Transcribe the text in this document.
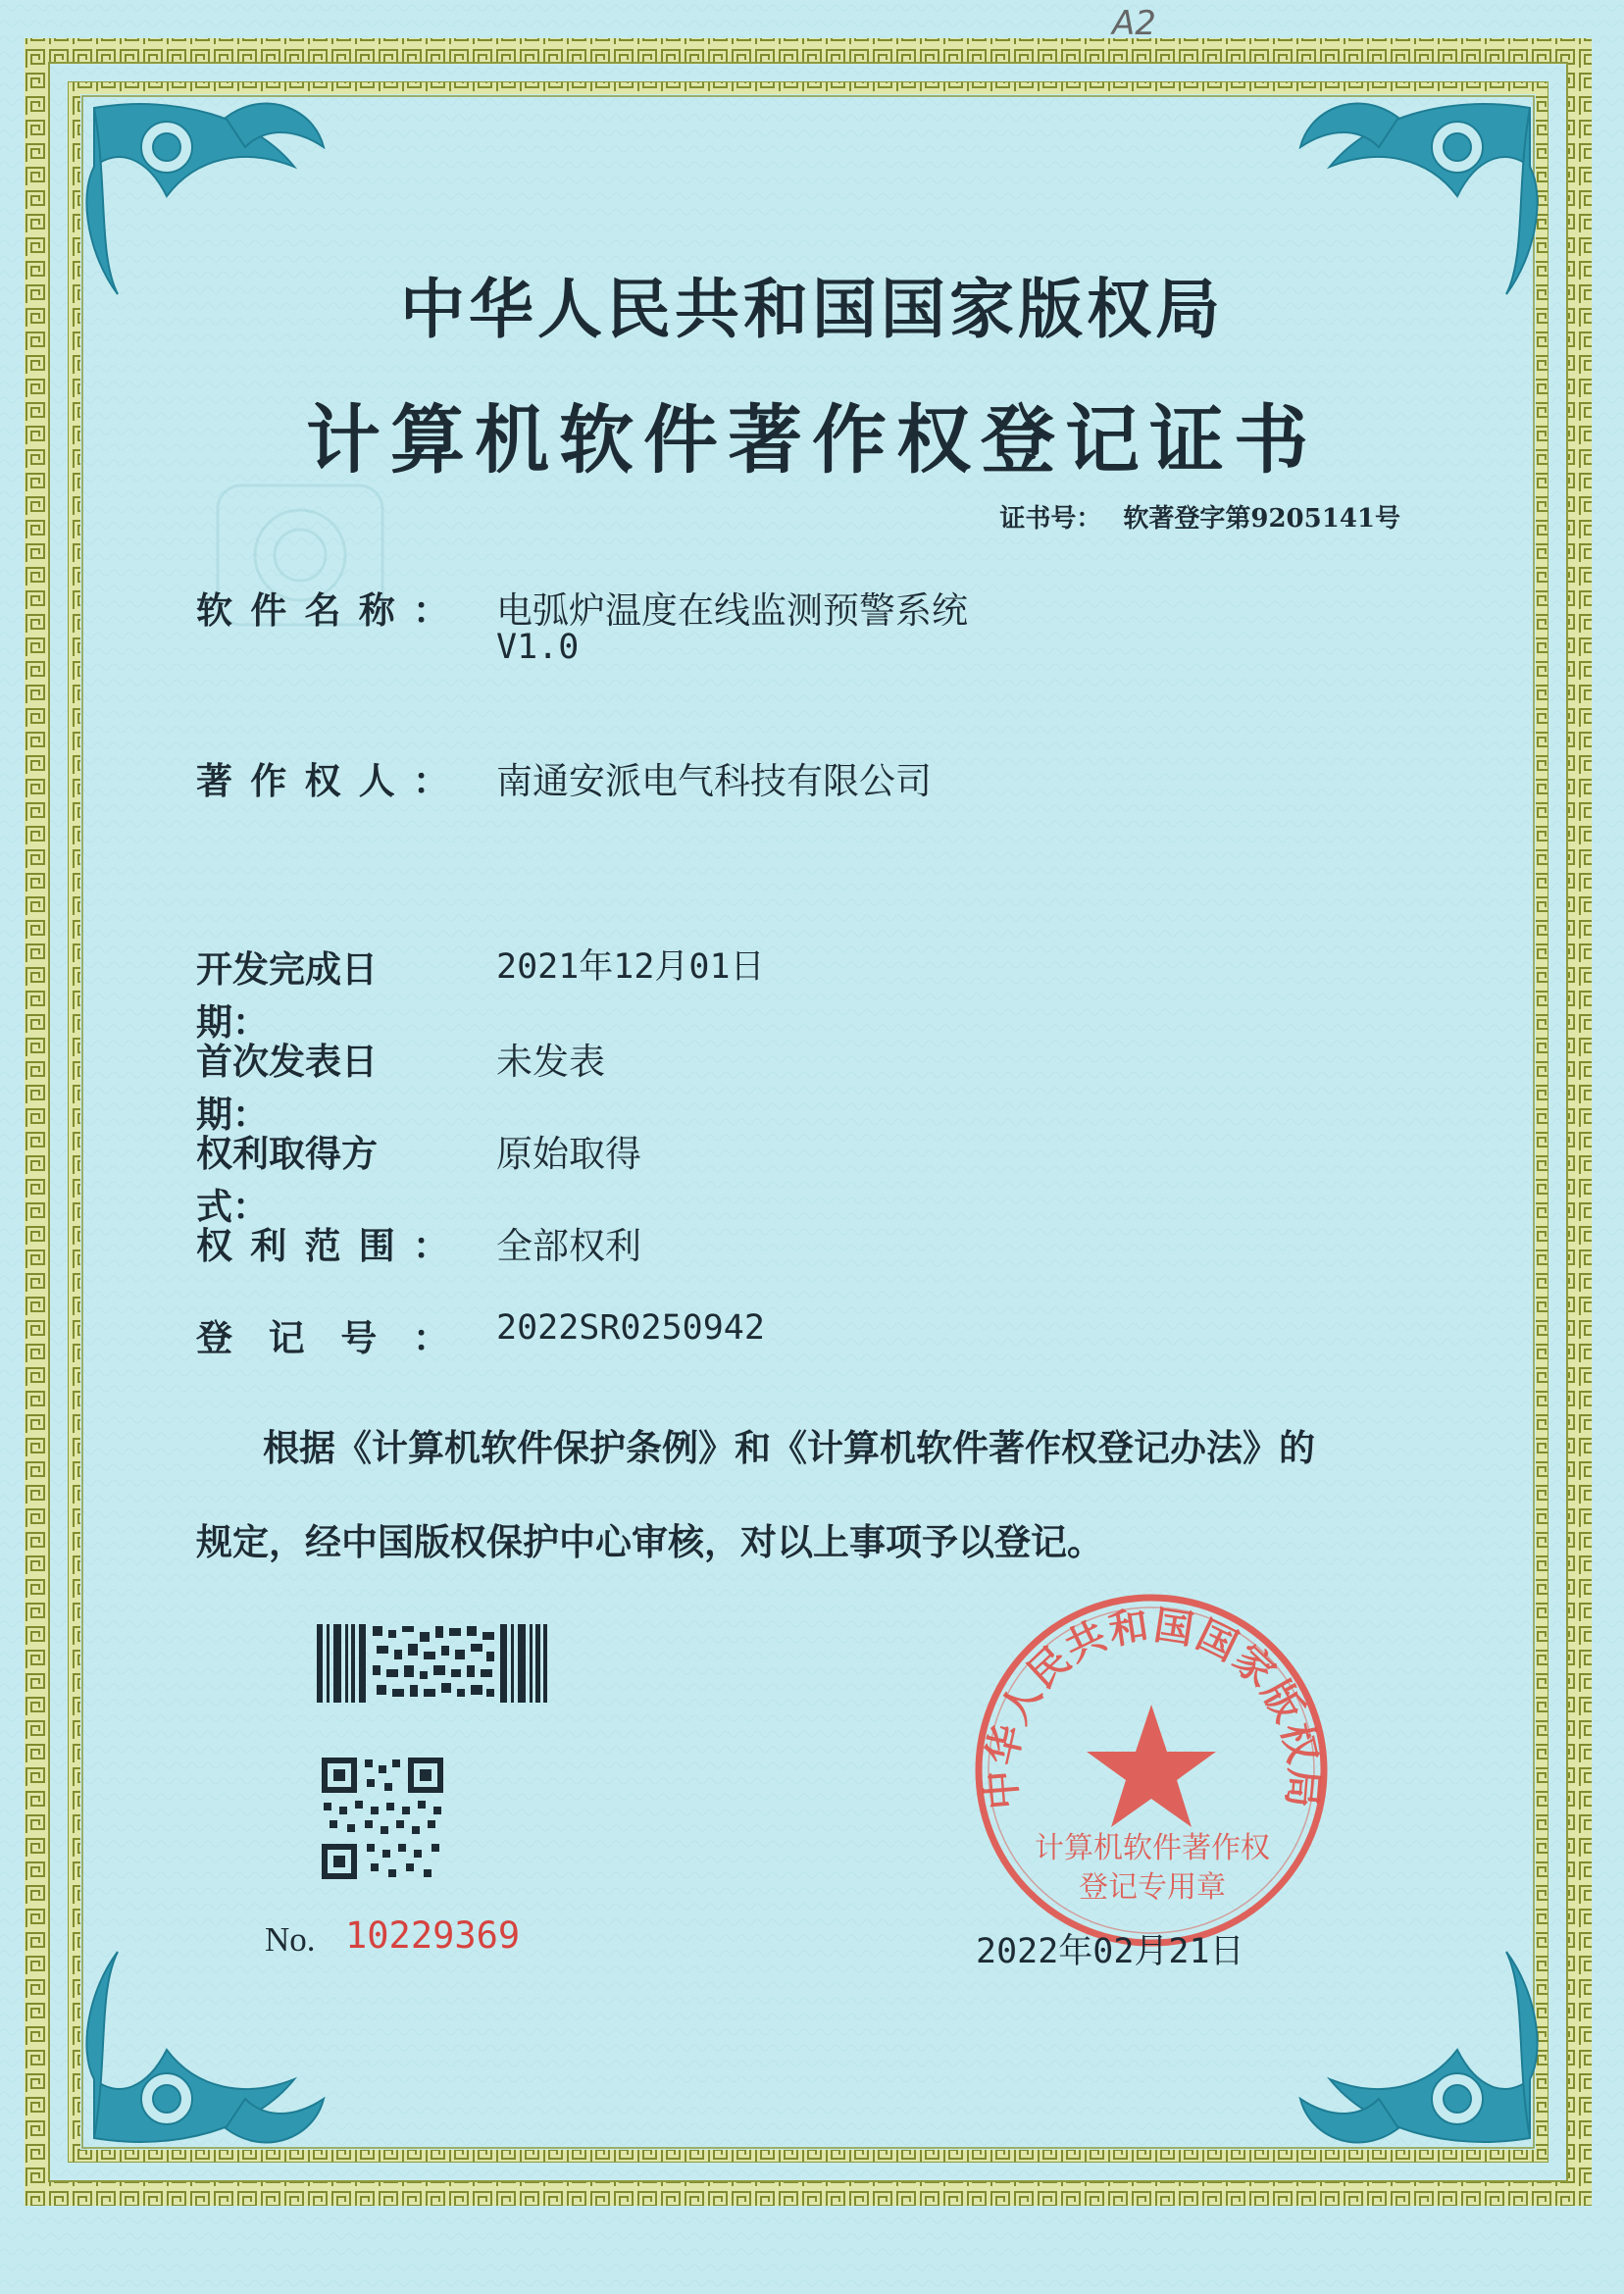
A2
中华人民共和国国家版权局
计算机软件著作权登记证书
证书号： 软著登字第9205141号
软 件 名 称 ： 电弧炉温度在线监测预警系统
V1.0
著 作 权 人 ： 南通安派电气科技有限公司
开发完成日期：
2021年12月01日
首次发表日期：
未发表
权利取得方式：
原始取得
权 利 范 围 ： 全部权利
登 记 号 ： 2022SR0250942
根据《计算机软件保护条例》和《计算机软件著作权登记办法》的
规定，经中国版权保护中心审核，对以上事项予以登记。
中华人民共和国国家版权局
计算机软件著作权
登记专用章
No. 10229369	2022年02月21日
